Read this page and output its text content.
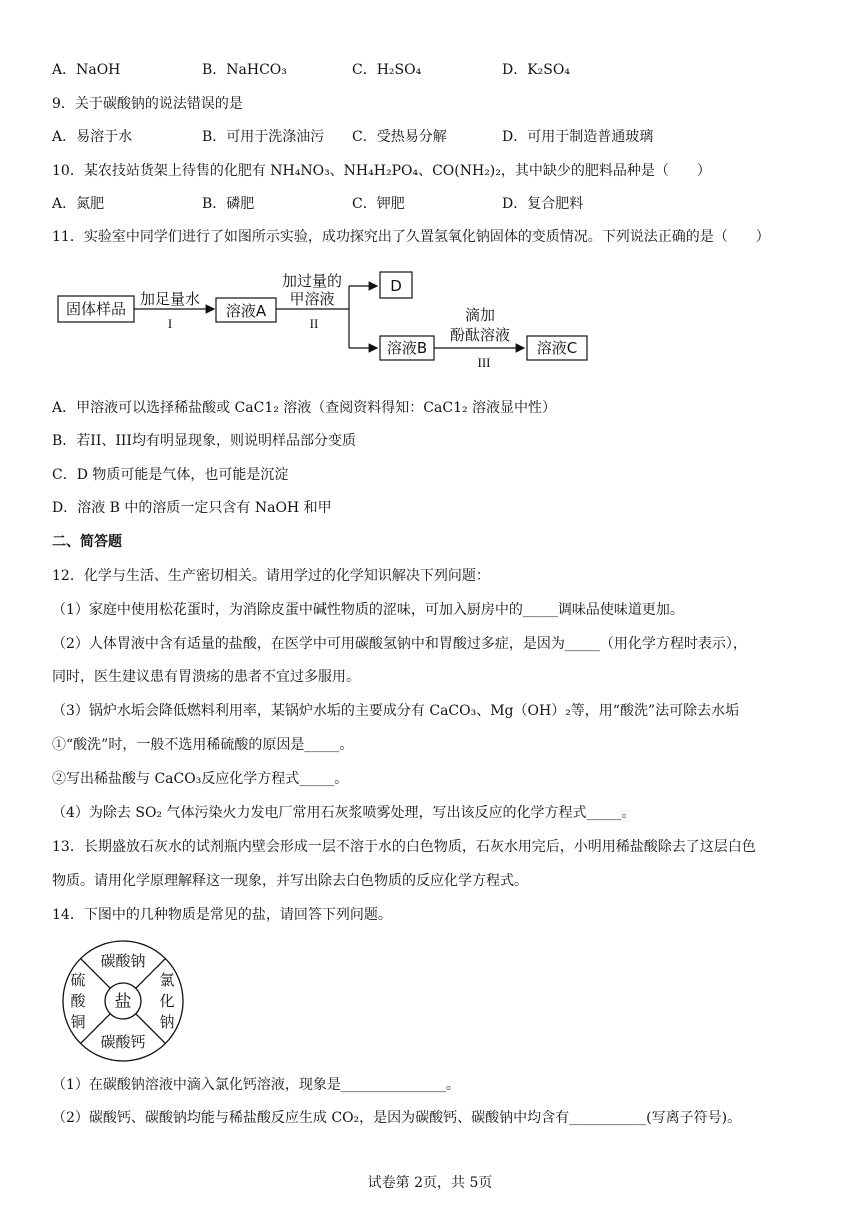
A．NaOH	B．NaHCO₃	C．H₂SO₄	D．K₂SO₄
9．关于碳酸钠的说法错误的是
A．易溶于水	B．可用于洗涤油污 C．受热易分解	D．可用于制造普通玻璃
10．某农技站货架上待售的化肥有 NH₄NO₃、NH₄H₂PO₄、CO(NH₂)₂，其中缺少的肥料品种是（　　）
A．氮肥	B．磷肥	C．钾肥	D．复合肥料
11．实验室中同学们进行了如图所示实验，成功探究出了久置氢氧化钠固体的变质情况。下列说法正确的是（　　）
固体样品
加足量水
I
溶液A
加过量的
甲溶液
II
D
溶液B
滴加
酚酞溶液
III
溶液C
A．甲溶液可以选择稀盐酸或 CaC1₂ 溶液（查阅资料得知：CaC1₂ 溶液显中性）
B．若II、III均有明显现象，则说明样品部分变质
C．D 物质可能是气体，也可能是沉淀
D．溶液 B 中的溶质一定只含有 NaOH 和甲
二、简答题
12．化学与生活、生产密切相关。请用学过的化学知识解决下列问题：
（1）家庭中使用松花蛋时，为消除皮蛋中碱性物质的涩味，可加入厨房中的_____调味品使味道更加。
（2）人体胃液中含有适量的盐酸，在医学中可用碳酸氢钠中和胃酸过多症，是因为_____（用化学方程时表示），
同时，医生建议患有胃溃疡的患者不宜过多服用。
（3）锅炉水垢会降低燃料利用率，某锅炉水垢的主要成分有 CaCO₃、Mg（OH）₂等，用“酸洗”法可除去水垢
①“酸洗”时，一般不选用稀硫酸的原因是_____。
②写出稀盐酸与 CaCO₃反应化学方程式_____。
（4）为除去 SO₂ 气体污染火力发电厂常用石灰浆喷雾处理，写出该反应的化学方程式_____。
13．长期盛放石灰水的试剂瓶内壁会形成一层不溶于水的白色物质，石灰水用完后，小明用稀盐酸除去了这层白色
物质。请用化学原理解释这一现象，并写出除去白色物质的反应化学方程式。
14．下图中的几种物质是常见的盐，请回答下列问题。
盐
碳酸钠
碳酸钙
硫
酸
铜
氯
化
钠
（1）在碳酸钠溶液中滴入氯化钙溶液，现象是_______________。
（2）碳酸钙、碳酸钠均能与稀盐酸反应生成 CO₂，是因为碳酸钙、碳酸钠中均含有___________(写离子符号)。
试卷第 2页，共 5页
